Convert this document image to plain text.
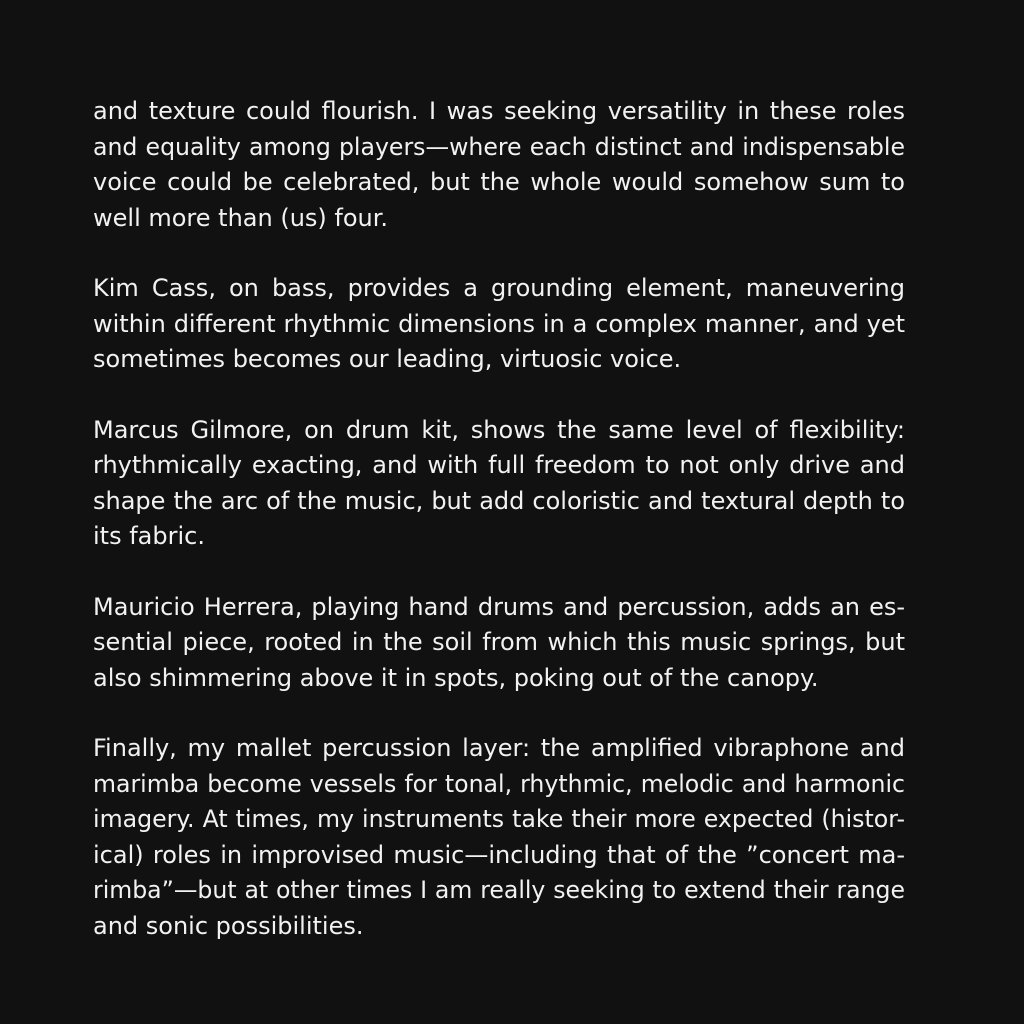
and texture could flourish. I was seeking versatility in these roles
and equality among players—where each distinct and indispensable
voice could be celebrated, but the whole would somehow sum to
well more than (us) four.

Kim Cass, on bass, provides a grounding element, maneuvering
within different rhythmic dimensions in a complex manner, and yet
sometimes becomes our leading, virtuosic voice.

Marcus Gilmore, on drum kit, shows the same level of flexibility:
rhythmically exacting, and with full freedom to not only drive and
shape the arc of the music, but add coloristic and textural depth to
its fabric.

Mauricio Herrera, playing hand drums and percussion, adds an es-
sential piece, rooted in the soil from which this music springs, but
also shimmering above it in spots, poking out of the canopy.

Finally, my mallet percussion layer: the amplified vibraphone and
marimba become vessels for tonal, rhythmic, melodic and harmonic
imagery. At times, my instruments take their more expected (histor-
ical) roles in improvised music—including that of the ”concert ma-
rimba”—but at other times I am really seeking to extend their range
and sonic possibilities.
